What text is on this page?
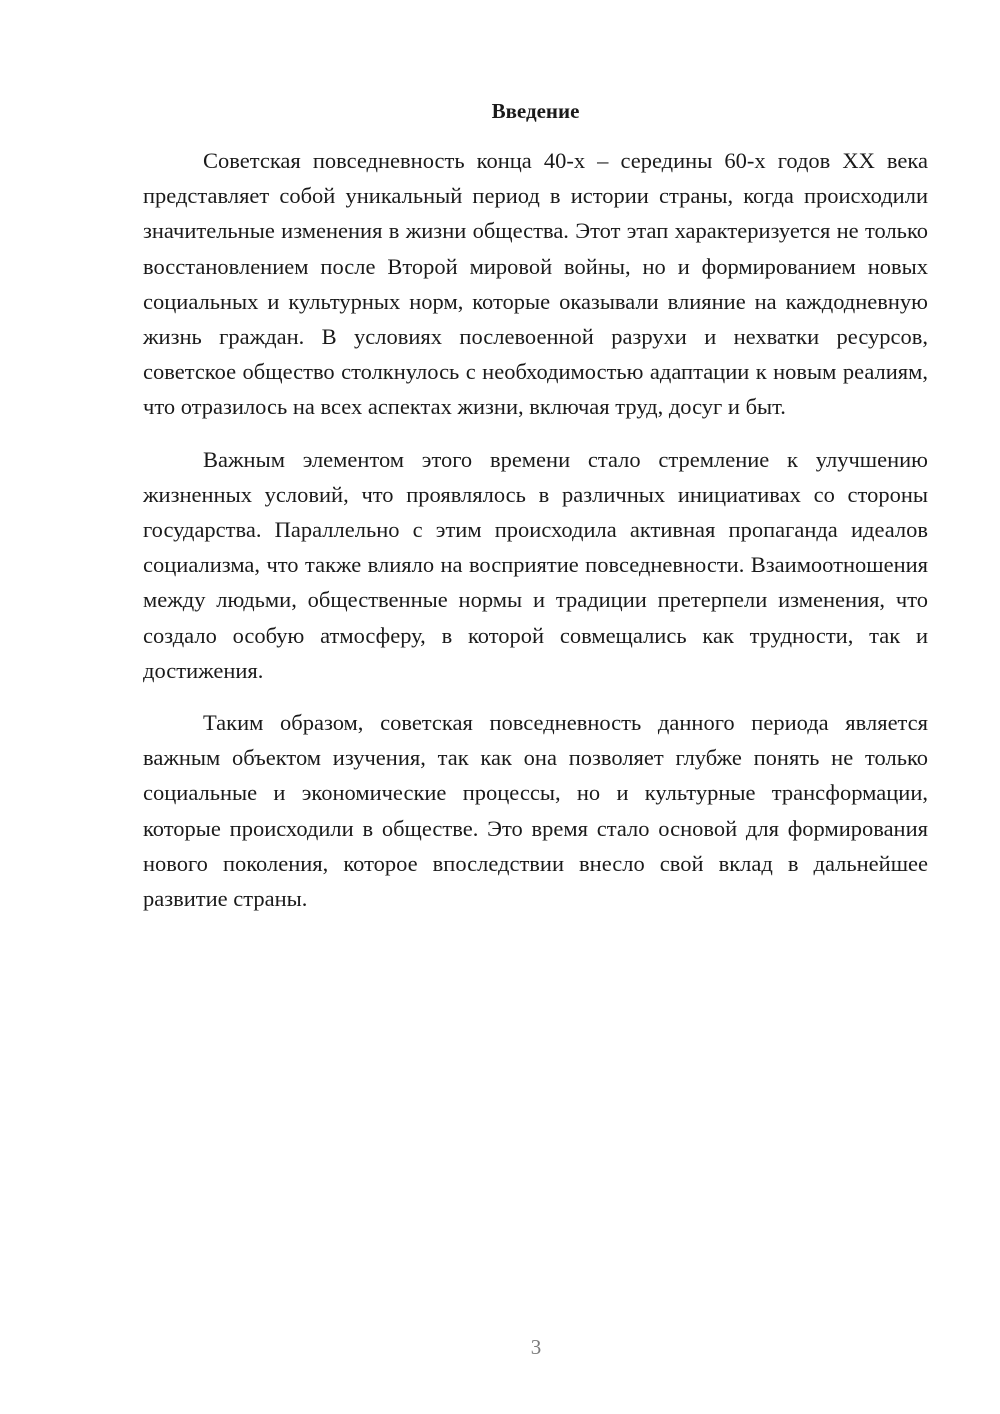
Введение

Советская повседневность конца 40-х – середины 60-х годов XX века представляет собой уникальный период в истории страны, когда происходили значительные изменения в жизни общества. Этот этап характеризуется не только восстановлением после Второй мировой войны, но и формированием новых социальных и культурных норм, которые оказывали влияние на каждодневную жизнь граждан. В условиях послевоенной разрухи и нехватки ресурсов, советское общество столкнулось с необходимостью адаптации к новым реалиям, что отразилось на всех аспектах жизни, включая труд, досуг и быт.

Важным элементом этого времени стало стремление к улучшению жизненных условий, что проявлялось в различных инициативах со стороны государства. Параллельно с этим происходила активная пропаганда идеалов социализма, что также влияло на восприятие повседневности. Взаимоотношения между людьми, общественные нормы и традиции претерпели изменения, что создало особую атмосферу, в которой совмещались как трудности, так и достижения.

Таким образом, советская повседневность данного периода является важным объектом изучения, так как она позволяет глубже понять не только социальные и экономические процессы, но и культурные трансформации, которые происходили в обществе. Это время стало основой для формирования нового поколения, которое впоследствии внесло свой вклад в дальнейшее развитие страны.

3
